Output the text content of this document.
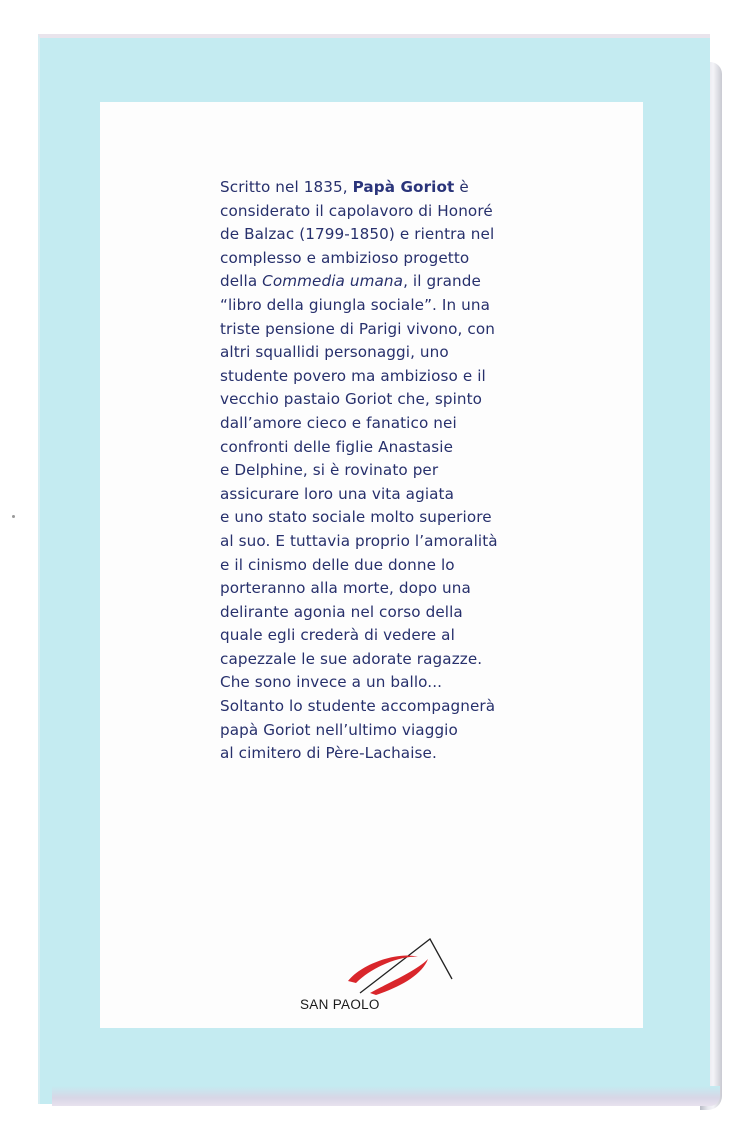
Scritto nel 1835, Papà Goriot è
considerato il capolavoro di Honoré
de Balzac (1799-1850) e rientra nel
complesso e ambizioso progetto
della Commedia umana, il grande
“libro della giungla sociale”. In una
triste pensione di Parigi vivono, con
altri squallidi personaggi, uno
studente povero ma ambizioso e il
vecchio pastaio Goriot che, spinto
dall’amore cieco e fanatico nei
confronti delle figlie Anastasie
e Delphine, si è rovinato per
assicurare loro una vita agiata
e uno stato sociale molto superiore
al suo. E tuttavia proprio l’amoralità
e il cinismo delle due donne lo
porteranno alla morte, dopo una
delirante agonia nel corso della
quale egli crederà di vedere al
capezzale le sue adorate ragazze.
Che sono invece a un ballo...
Soltanto lo studente accompagnerà
papà Goriot nell’ultimo viaggio
al cimitero di Père-Lachaise.

SAN PAOLO
